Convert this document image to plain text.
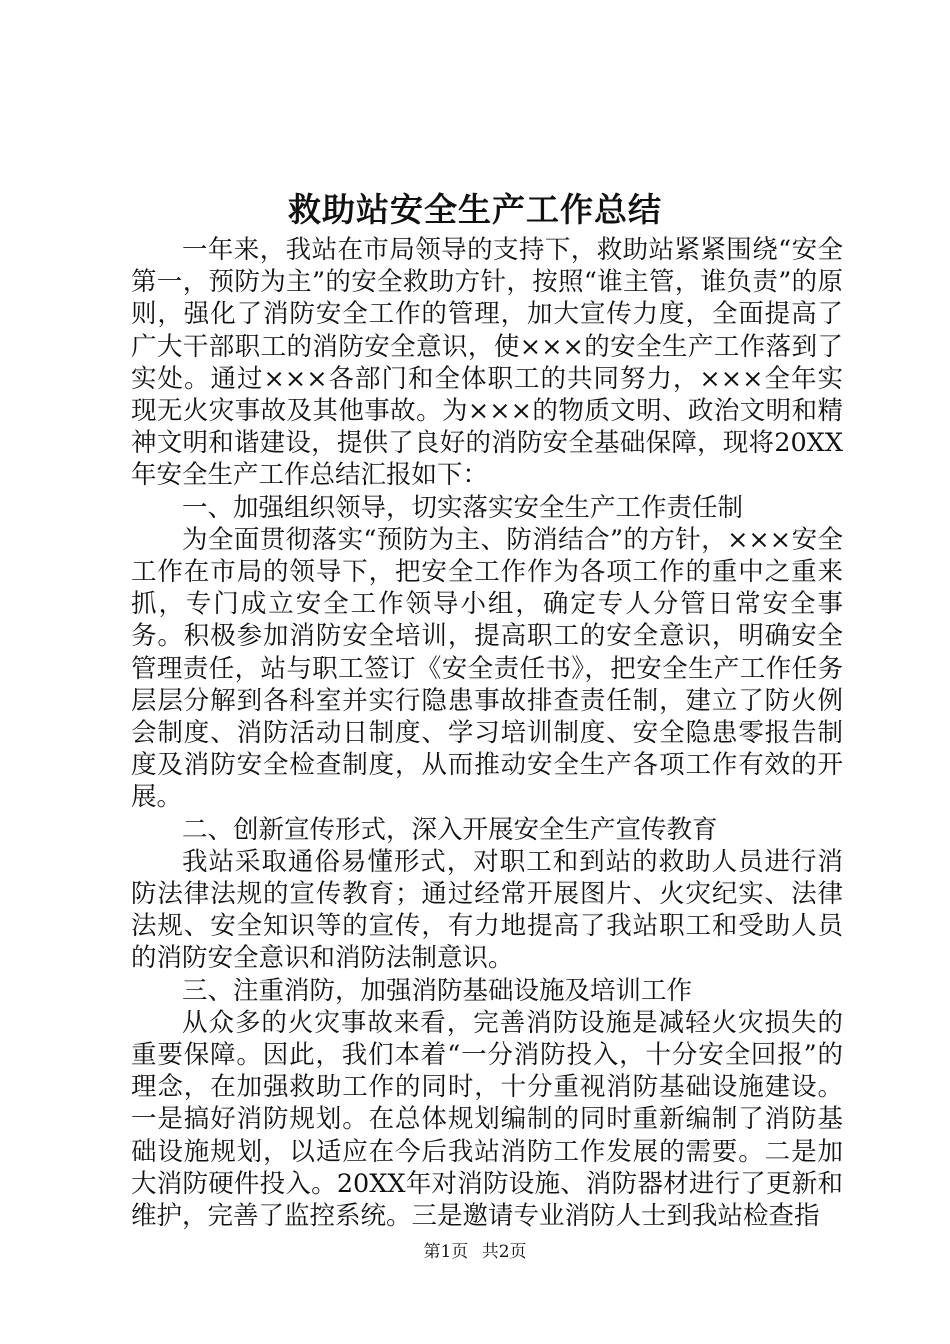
救助站安全生产工作总结

一年来，我站在市局领导的支持下，救助站紧紧围绕“安全第一，预防为主”的安全救助方针，按照“谁主管，谁负责”的原则，强化了消防安全工作的管理，加大宣传力度，全面提高了广大干部职工的消防安全意识，使×××的安全生产工作落到了实处。通过×××各部门和全体职工的共同努力，×××全年实现无火灾事故及其他事故。为×××的物质文明、政治文明和精神文明和谐建设，提供了良好的消防安全基础保障，现将20XX年安全生产工作总结汇报如下：

一、加强组织领导，切实落实安全生产工作责任制

为全面贯彻落实“预防为主、防消结合”的方针，×××安全工作在市局的领导下，把安全工作作为各项工作的重中之重来抓，专门成立安全工作领导小组，确定专人分管日常安全事务。积极参加消防安全培训，提高职工的安全意识，明确安全管理责任，站与职工签订《安全责任书》，把安全生产工作任务层层分解到各科室并实行隐患事故排查责任制，建立了防火例会制度、消防活动日制度、学习培训制度、安全隐患零报告制度及消防安全检查制度，从而推动安全生产各项工作有效的开展。

二、创新宣传形式，深入开展安全生产宣传教育

我站采取通俗易懂形式，对职工和到站的救助人员进行消防法律法规的宣传教育；通过经常开展图片、火灾纪实、法律法规、安全知识等的宣传，有力地提高了我站职工和受助人员的消防安全意识和消防法制意识。

三、注重消防，加强消防基础设施及培训工作

从众多的火灾事故来看，完善消防设施是减轻火灾损失的重要保障。因此，我们本着“一分消防投入，十分安全回报”的理念，在加强救助工作的同时，十分重视消防基础设施建设。一是搞好消防规划。在总体规划编制的同时重新编制了消防基础设施规划，以适应在今后我站消防工作发展的需要。二是加大消防硬件投入。20XX年对消防设施、消防器材进行了更新和维护，完善了监控系统。三是邀请专业消防人士到我站检查指

第1页 共2页
